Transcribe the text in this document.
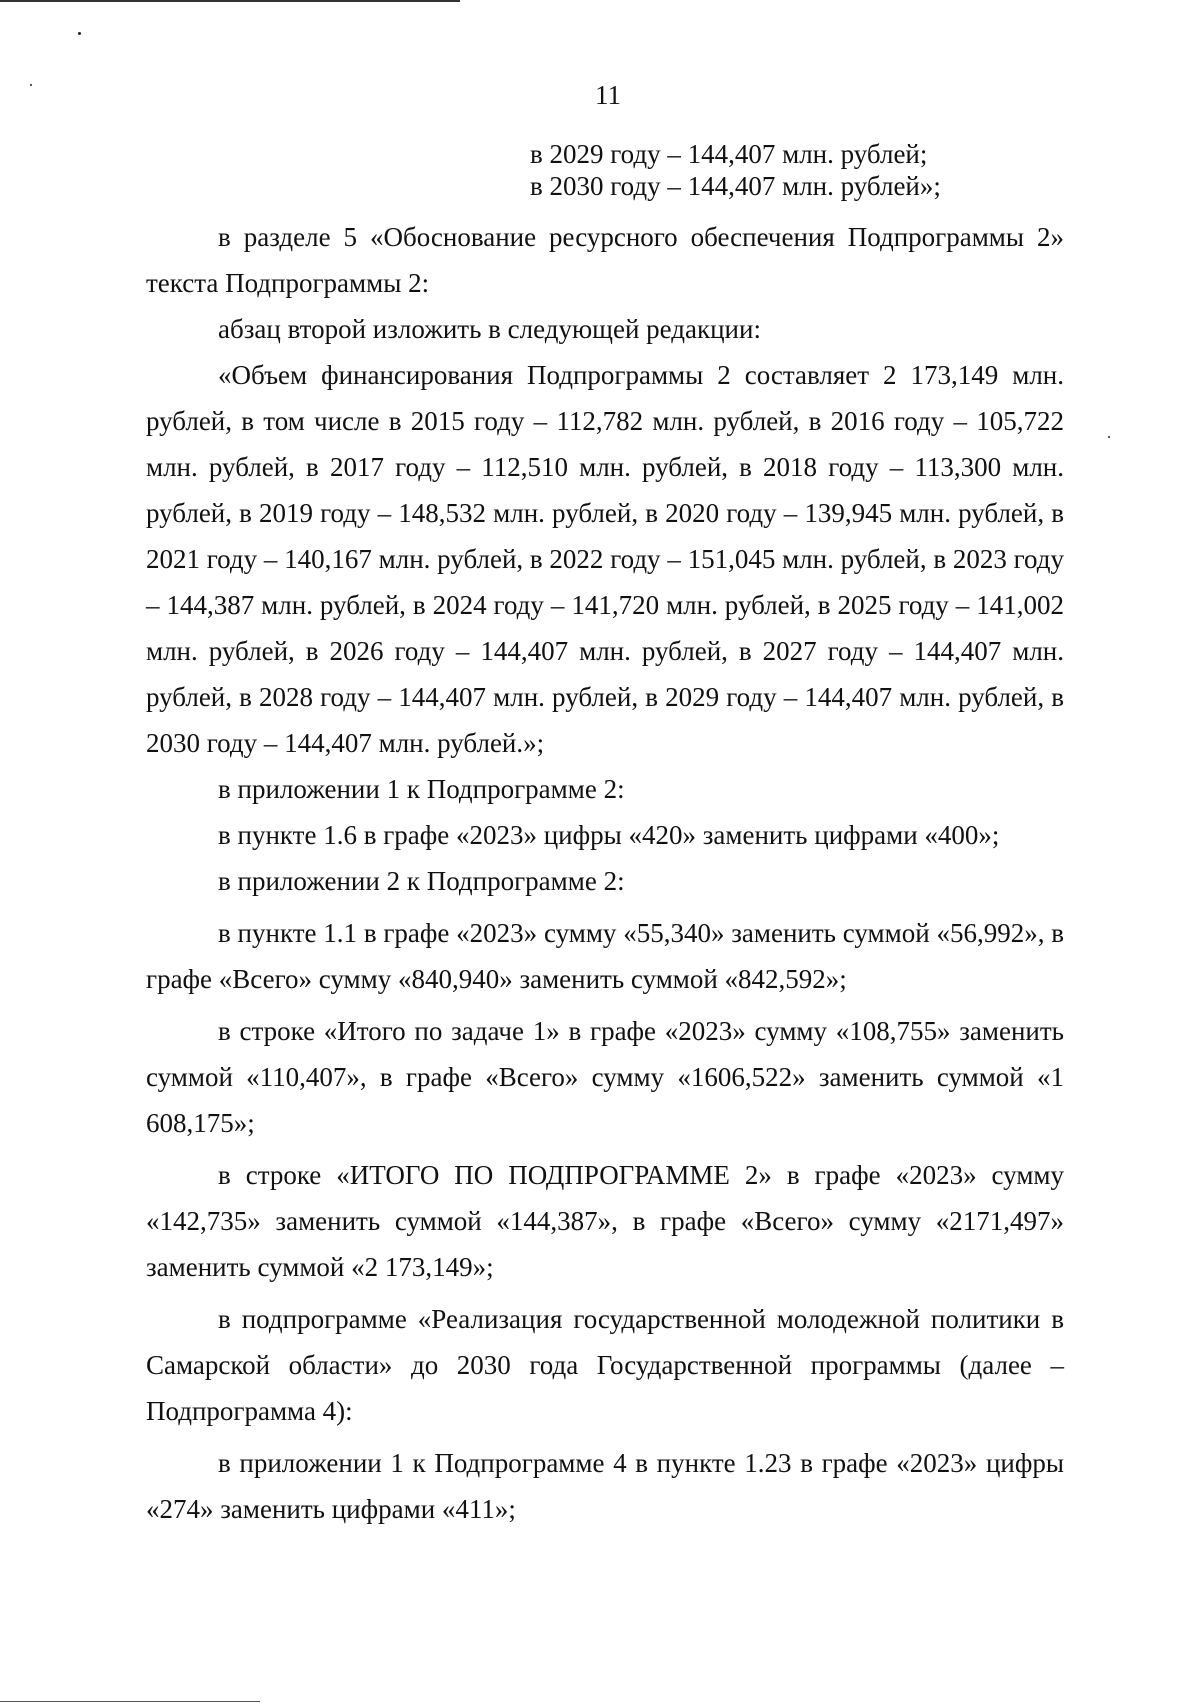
11
в 2029 году – 144,407 млн. рублей;
в 2030 году – 144,407 млн. рублей»;

в разделе 5 «Обоснование ресурсного обеспечения Подпрограммы 2» текста Подпрограммы 2:

абзац второй изложить в следующей редакции:

«Объем финансирования Подпрограммы 2 составляет 2 173,149 млн. рублей, в том числе в 2015 году – 112,782 млн. рублей, в 2016 году – 105,722 млн. рублей, в 2017 году – 112,510 млн. рублей, в 2018 году – 113,300 млн. рублей, в 2019 году – 148,532 млн. рублей, в 2020 году – 139,945 млн. рублей, в 2021 году – 140,167 млн. рублей, в 2022 году – 151,045 млн. рублей, в 2023 году – 144,387 млн. рублей, в 2024 году – 141,720 млн. рублей, в 2025 году – 141,002 млн. рублей, в 2026 году – 144,407 млн. рублей, в 2027 году – 144,407 млн. рублей, в 2028 году – 144,407 млн. рублей, в 2029 году – 144,407 млн. рублей, в 2030 году – 144,407 млн. рублей.»;

в приложении 1 к Подпрограмме 2:

в пункте 1.6 в графе «2023» цифры «420» заменить цифрами «400»;

в приложении 2 к Подпрограмме 2:

в пункте 1.1 в графе «2023» сумму «55,340» заменить суммой «56,992», в графе «Всего» сумму «840,940» заменить суммой «842,592»;

в строке «Итого по задаче 1» в графе «2023» сумму «108,755» заменить суммой «110,407», в графе «Всего» сумму «1606,522» заменить суммой «1 608,175»;

в строке «ИТОГО ПО ПОДПРОГРАММЕ 2» в графе «2023» сумму «142,735» заменить суммой «144,387», в графе «Всего» сумму «2171,497» заменить суммой «2 173,149»;

в подпрограмме «Реализация государственной молодежной политики в Самарской области» до 2030 года Государственной программы (далее – Подпрограмма 4):

в приложении 1 к Подпрограмме 4 в пункте 1.23 в графе «2023» цифры «274» заменить цифрами «411»;
